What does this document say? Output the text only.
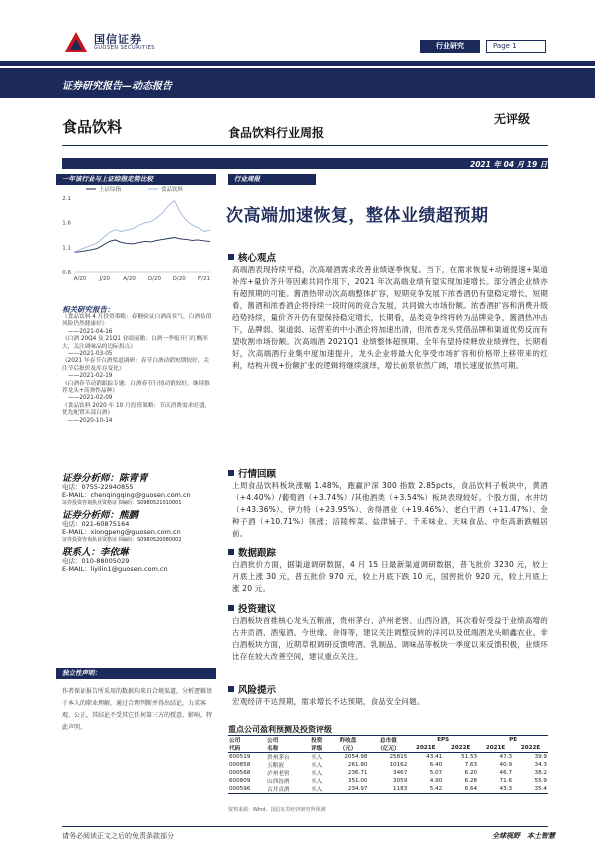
国信证券
GUOSEN SECURITIES	行业研究	Page 1
证券研究报告—动态报告
食品饮料	食品饮料行业周报
无评级
2021 年 04 月 19 日
一年该行业与上证综指走势比较
2.1
1.6
1.1
0.6
A/20 J/20 A/20 O/20 D/20 F/21
上证综指	食品饮料
相关研究报告：
《食品饮料 4 月投资策略：春糖验证白酒高景气，白酒估值风险仍然健康好》
——2021-04-16
《白酒 20Q4 及 21Q1 业绩前瞻：白酒一季报开门红概率大，关注调味品的边际拐点》
——2021-03-05
《2021 年春节白酒渠道调研：春节白酒动销短期较好，关注节后批价及库存变化》
——2021-02-19
《白酒春节动销跟踪专题：白酒春节行情动销较好，继续推荐龙头+高弹性品种》
——2021-02-09
《食品饮料 2020 年 10 月投资策略：节庆消费需求旺盛，优先配置头部白酒》
——2020-10-14
证券分析师：陈青青
电话：0755-22940855
E-MAIL：chenqingqing@guosen.com.cn
证券投资咨询执业资格证书编码：S0980521010001
证券分析师：熊鹏
电话：021-60875164
E-MAIL：xiongpeng@guosen.com.cn
证券投资咨询执业资格证书编码：S0980520080002
联系人：李依琳
电话：010-88005029
E-MAIL：liyilin1@guosen.com.cn
独立性声明：
作者保证报告所采用的数据均来自合规渠道，分析逻辑基于本人的职业理解，通过合理判断并得出结论，力求客观、公正，其结论不受其它任何第三方的授意、影响，特此声明。
行业周报
次高端加速恢复，整体业绩超预期
核心观点
高端酒表现持续平稳，次高端酒需求改善业绩逐季恢复。当下，在需求恢复+动销提速+渠道补库+量价齐升等因素共同作用下，2021 年次高端业绩有望实现加速增长。部分酒企业绩亦有超预期的可能。酱酒热带动次高端整体扩容，短期竞争发展下浓香酒仍有望稳定增长，短期看，酱酒和浓香酒企将持续一段时间的竞合发展，共同做大市场份额。浓香酒扩容和消费升级趋势持续，量价齐升仍有望保持稳定增长，长期看，品类竞争终将转为品牌竞争，酱酒热冲击下，品牌弱、渠道弱、运营差的中小酒企将加速出清，但浓香龙头凭借品牌和渠道优势反而有望收割市场份额。次高端酒 2021Q1 业绩整体超预期。全年有望持续释放业绩弹性，长期看好，次高端酒行业集中度加速提升，龙头企业将最大化享受市场扩容和价格带上移带来的红利，结构升级+份额扩张的逻辑将继续演绎，增长前景依然广阔，增长速度依然可期。
行情回顾
上周食品饮料板块涨幅 1.48%，跑赢沪深 300 指数 2.85pcts，食品饮料子板块中，黄酒（+4.40%）/葡萄酒（+3.74%）/其他酒类（+3.54%）板块表现较好。个股方面，水井坊（+43.36%）、伊力特（+23.95%）、舍得酒业（+19.46%）、老白干酒（+11.47%）、金种子酒（+10.71%）领涨；涪陵榨菜、盐津铺子、千禾味业、天味食品、中炬高新跌幅居前。
数据跟踪
白酒批价方面，据渠道调研数据，4 月 15 日最新渠道调研数据，普飞批价 3230 元，较上月底上涨 30 元，普五批价 970 元，较上月底下跌 10 元，国窖批价 920 元，较上月底上涨 20 元。
投资建议
白酒板块首推核心龙头五粮液，贵州茅台、泸州老窖、山西汾酒，其次看好受益于业绩高增的古井贡酒、酒鬼酒、今世缘、舍得等，建议关注调整反转的洋河以及低端酒龙头顺鑫农业。非白酒板块方面，近期草根调研反馈啤酒、乳制品、调味品等板块一季度以来反馈积极，业绩环比存在较大改善空间，建议重点关注。
风险提示
宏观经济不达预期，需求增长不达预期，食品安全问题。
重点公司盈利预测及投资评级
公司	公司	投资	昨收盘	总市值	EPS		PE	
代码	名称	评级	（元）	（亿元）	2021E	2022E	2021E	2022E
600519	贵州茅台	买入	2054.98	25815	43.41	51.53	47.3	39.9
000858	五粮液	买入	261.80	10162	6.40	7.63	40.9	34.3
000568	泸州老窖	买入	236.71	3467	5.07	6.20	46.7	38.2
600809	山西汾酒	买入	351.00	3059	4.90	6.28	71.6	55.9
000596	古井贡酒	买入	234.97	1183	5.42	6.64	43.3	35.4
资料来源：Wind、国信证券经济研究所预测
请务必阅读正文之后的免责条款部分	全球视野　本土智慧
